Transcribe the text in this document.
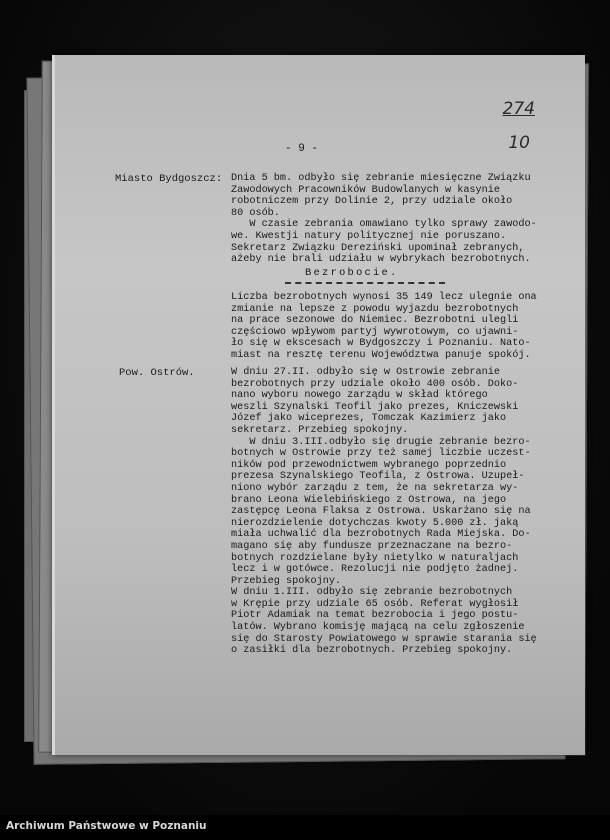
274
10
- 9 -
Miasto Bydgoszcz: Dnia 5 bm. odbyło się zebranie miesięczne Związku
Zawodowych Pracowników Budowlanych w kasynie
robotniczem przy Dolinie 2, przy udziale około
80 osób.
W czasie zebrania omawiano tylko sprawy zawodo-
we. Kwestji natury politycznej nie poruszano.
Sekretarz Związku Dereziński upominał zebranych,
ażeby nie brali udziału w wybrykach bezrobotnych.
Bezrobocie.
Liczba bezrobotnych wynosi 35 149 lecz ulegnie ona
zmianie na lepsze z powodu wyjazdu bezrobotnych
na prace sezonowe do Niemiec. Bezrobotni ulegli
częściowo wpływom partyj wywrotowym, co ujawni-
ło się w ekscesach w Bydgoszczy i Poznaniu. Nato-
miast na resztę terenu Województwa panuje spokój.
Pow. Ostrów.	W dniu 27.II. odbyło się w Ostrowie zebranie
bezrobotnych przy udziale około 400 osób. Doko-
nano wyboru nowego zarządu w skład którego
weszli Szynalski Teofil jako prezes, Kniczewski
Józef jako wiceprezes, Tomczak Kazimierz jako
sekretarz. Przebieg spokojny.
W dniu 3.III.odbyło się drugie zebranie bezro-
botnych w Ostrowie przy też samej liczbie uczest-
ników pod przewodnictwem wybranego poprzednio
prezesa Szynalskiego Teofila, z Ostrowa. Uzupeł-
niono wybór zarządu z tem, że na sekretarza wy-
brano Leona Wielebińskiego z Ostrowa, na jego
zastępcę Leona Flaksa z Ostrowa. Uskarżano się na
nierozdzielenie dotychczas kwoty 5.000 zł. jaką
miała uchwalić dla bezrobotnych Rada Miejska. Do-
magano się aby fundusze przeznaczane na bezro-
botnych rozdzielane były nietylko w naturaljach
lecz i w gotówce. Rezolucji nie podjęto żadnej.
Przebieg spokojny.
W dniu 1.III. odbyło się zebranie bezrobotnych
w Krępie przy udziale 65 osób. Referat wygłosił
Piotr Adamiak na temat bezrobocia i jego postu-
latów. Wybrano komisję mającą na celu zgłoszenie
się do Starosty Powiatowego w sprawie starania się
o zasiłki dla bezrobotnych. Przebieg spokojny.
Archiwum Państwowe w Poznaniu
